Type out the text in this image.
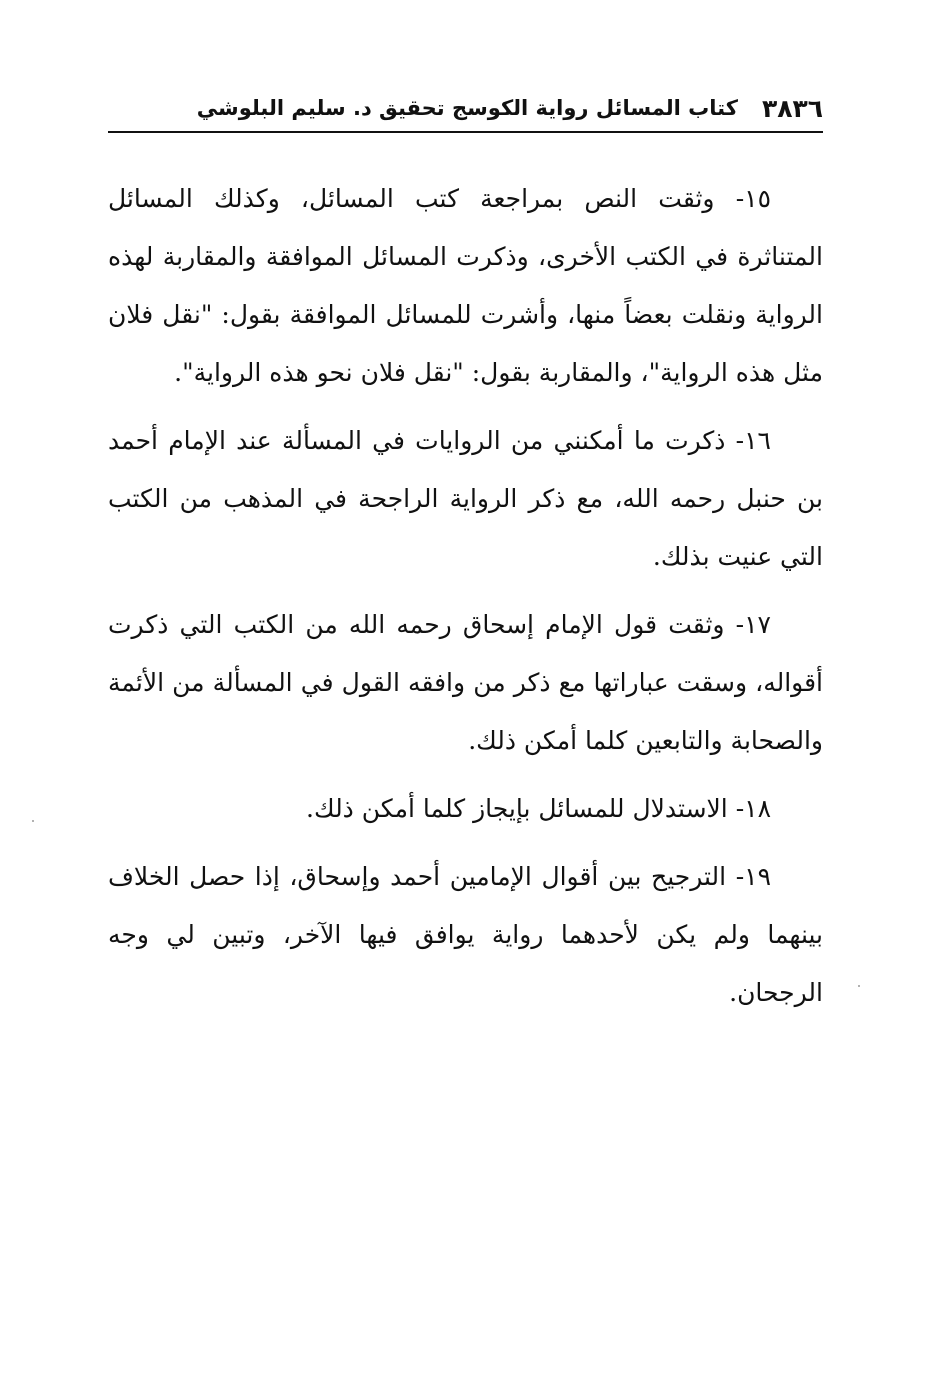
٣٨٣٦
كتاب المسائل رواية الكوسج تحقيق د. سليم البلوشي

١٥- وثقت النص بمراجعة كتب المسائل، وكذلك المسائل المتناثرة في الكتب الأخرى، وذكرت المسائل الموافقة والمقاربة لهذه الرواية ونقلت بعضاً منها، وأشرت للمسائل الموافقة بقول: "نقل فلان مثل هذه الرواية"، والمقاربة بقول: "نقل فلان نحو هذه الرواية".

١٦- ذكرت ما أمكنني من الروايات في المسألة عند الإمام أحمد بن حنبل رحمه الله، مع ذكر الرواية الراجحة في المذهب من الكتب التي عنيت بذلك.

١٧- وثقت قول الإمام إسحاق رحمه الله من الكتب التي ذكرت أقواله، وسقت عباراتها مع ذكر من وافقه القول في المسألة من الأئمة والصحابة والتابعين كلما أمكن ذلك.

١٨- الاستدلال للمسائل بإيجاز كلما أمكن ذلك.

١٩- الترجيح بين أقوال الإمامين أحمد وإسحاق، إذا حصل الخلاف بينهما ولم يكن لأحدهما رواية يوافق فيها الآخر، وتبين لي وجه الرجحان.
